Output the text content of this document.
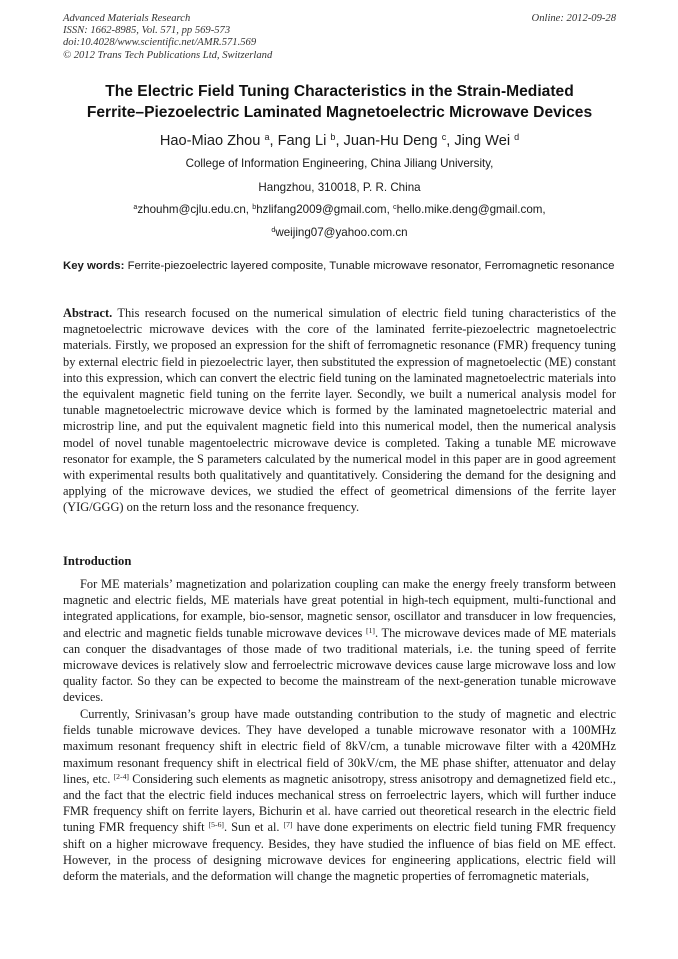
Advanced Materials Research
ISSN: 1662-8985, Vol. 571, pp 569-573
doi:10.4028/www.scientific.net/AMR.571.569
© 2012 Trans Tech Publications Ltd, Switzerland
Online: 2012-09-28
The Electric Field Tuning Characteristics in the Strain-Mediated
Ferrite–Piezoelectric Laminated Magnetoelectric Microwave Devices
Hao-Miao Zhou $^a$, Fang Li $^b$, Juan-Hu Deng $^c$, Jing Wei $^d$
College of Information Engineering, China Jiliang University,
Hangzhou, 310018, P. R. China
$^a$zhouhm@cjlu.edu.cn, $^b$hzlifang2009@gmail.com, $^c$hello.mike.deng@gmail.com,
$^d$weijing07@yahoo.com.cn
Key words: Ferrite-piezoelectric layered composite, Tunable microwave resonator, Ferromagnetic resonance
Abstract. This research focused on the numerical simulation of electric field tuning characteristics of the magnetoelectric microwave devices with the core of the laminated ferrite-piezoelectric magnetoelectric materials. Firstly, we proposed an expression for the shift of ferromagnetic resonance (FMR) frequency tuning by external electric field in piezoelectric layer, then substituted the expression of magnetoelectic (ME) constant into this expression, which can convert the electric field tuning on the laminated magnetoelectric materials into the equivalent magnetic field tuning on the ferrite layer. Secondly, we built a numerical analysis model for tunable magnetoelectric microwave device which is formed by the laminated magnetoelectric material and microstrip line, and put the equivalent magnetic field into this numerical model, then the numerical analysis model of novel tunable magentoelectric microwave device is completed. Taking a tunable ME microwave resonator for example, the S parameters calculated by the numerical model in this paper are in good agreement with experimental results both qualitatively and quantitatively. Considering the demand for the designing and applying of the microwave devices, we studied the effect of geometrical dimensions of the ferrite layer (YIG/GGG) on the return loss and the resonance frequency.
Introduction
For ME materials’ magnetization and polarization coupling can make the energy freely transform between magnetic and electric fields, ME materials have great potential in high-tech equipment, multi-functional and integrated applications, for example, bio-sensor, magnetic sensor, oscillator and transducer in low frequencies, and electric and magnetic fields tunable microwave devices [1]. The microwave devices made of ME materials can conquer the disadvantages of those made of two traditional materials, i.e. the tuning speed of ferrite microwave devices is relatively slow and ferroelectric microwave devices cause large microwave loss and low quality factor. So they can be expected to become the mainstream of the next-generation tunable microwave devices.
Currently, Srinivasan’s group have made outstanding contribution to the study of magnetic and electric fields tunable microwave devices. They have developed a tunable microwave resonator with a 100MHz maximum resonant frequency shift in electric field of 8kV/cm, a tunable microwave filter with a 420MHz maximum resonant frequency shift in electrical field of 30kV/cm, the ME phase shifter, attenuator and delay lines, etc. [2-4] Considering such elements as magnetic anisotropy, stress anisotropy and demagnetized field etc., and the fact that the electric field induces mechanical stress on ferroelectric layers, which will further induce FMR frequency shift on ferrite layers, Bichurin et al. have carried out theoretical research in the electric field tuning FMR frequency shift [5-6]. Sun et al. [7] have done experiments on electric field tuning FMR frequency shift on a higher microwave frequency. Besides, they have studied the influence of bias field on ME effect. However, in the process of designing microwave devices for engineering applications, electric field will deform the materials, and the deformation will change the magnetic properties of ferromagnetic materials,
